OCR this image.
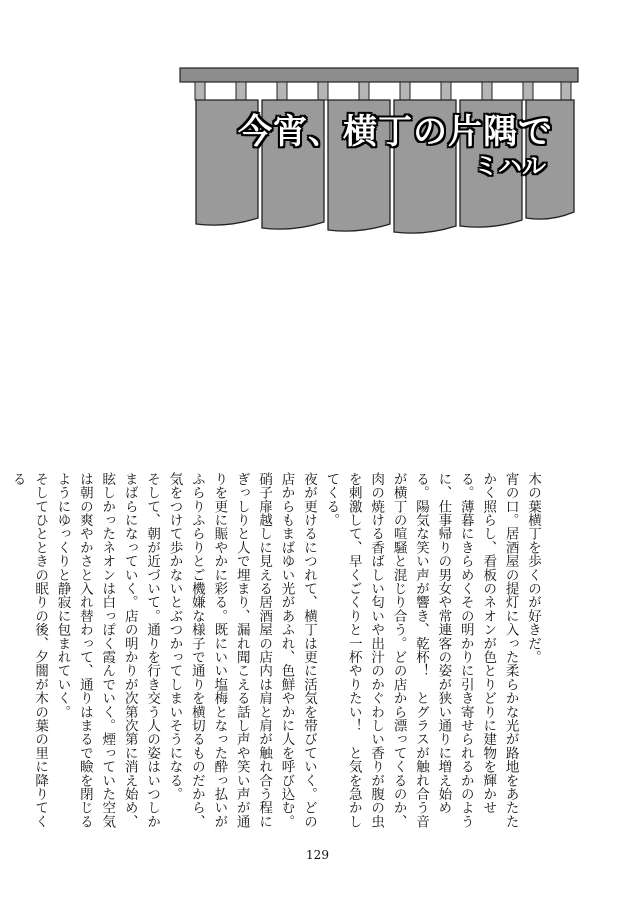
今宵、横丁の片隅で
ミハル

木の葉横丁を歩くのが好きだ。

宵の口。居酒屋の提灯に入った柔らかな光が路地をあたたかく照らし、看板のネオンが色とりどりに建物を輝かせる。薄暮にきらめくその明かりに引き寄せられるかのように、仕事帰りの男女や常連客の姿が狭い通りに増え始める。陽気な笑い声が響き、乾杯！　とグラスが触れ合う音が横丁の喧騒と混じり合う。どの店から漂ってくるのか、肉の焼ける香ばしい匂いや出汁のかぐわしい香りが腹の虫を刺激して、早くごくりと一杯やりたい！　と気を急かしてくる。

夜が更けるにつれて、横丁は更に活気を帯びていく。どの店からもまばゆい光があふれ、色鮮やかに人を呼び込む。硝子扉越しに見える居酒屋の店内は肩と肩が触れ合う程にぎっしりと人で埋まり、漏れ聞こえる話し声や笑い声が通りを更に賑やかに彩る。既にいい塩梅となった酔っ払いがふらりふらりとご機嫌な様子で通りを横切るものだから、気をつけて歩かないとぶつかってしまいそうになる。

そして、朝が近づいて。通りを行き交う人の姿はいつしかまばらになっていく。店の明かりが次第次第に消え始め、眩しかったネオンは白っぽく霞んでいく。煙っていた空気は朝の爽やかさと入れ替わって、通りはまるで瞼を閉じるようにゆっくりと静寂に包まれていく。

そしてひとときの眠りの後、夕闇が木の葉の里に降りてくる

129
